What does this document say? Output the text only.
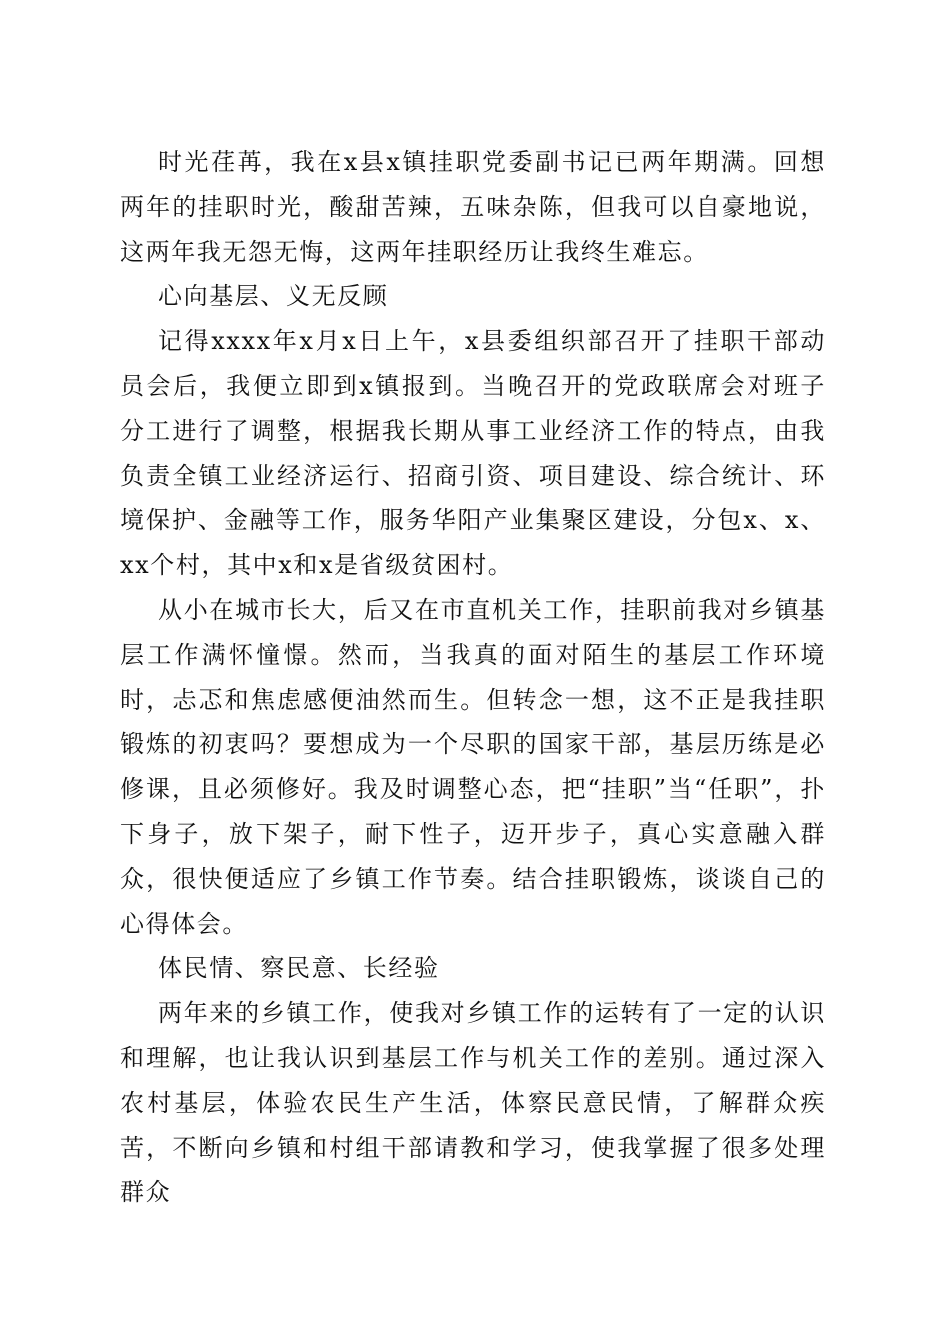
时光荏苒，我在x县x镇挂职党委副书记已两年期满。回想两年的挂职时光，酸甜苦辣，五味杂陈，但我可以自豪地说，这两年我无怨无悔，这两年挂职经历让我终生难忘。

心向基层、义无反顾

记得xxxx年x月x日上午，x县委组织部召开了挂职干部动员会后，我便立即到x镇报到。当晚召开的党政联席会对班子分工进行了调整，根据我长期从事工业经济工作的特点，由我负责全镇工业经济运行、招商引资、项目建设、综合统计、环境保护、金融等工作，服务华阳产业集聚区建设，分包x、x、xx个村，其中x和x是省级贫困村。

从小在城市长大，后又在市直机关工作，挂职前我对乡镇基层工作满怀憧憬。然而，当我真的面对陌生的基层工作环境时，忐忑和焦虑感便油然而生。但转念一想，这不正是我挂职锻炼的初衷吗？要想成为一个尽职的国家干部，基层历练是必修课，且必须修好。我及时调整心态，把“挂职”当“任职”，扑下身子，放下架子，耐下性子，迈开步子，真心实意融入群众，很快便适应了乡镇工作节奏。结合挂职锻炼，谈谈自己的心得体会。

体民情、察民意、长经验

两年来的乡镇工作，使我对乡镇工作的运转有了一定的认识和理解，也让我认识到基层工作与机关工作的差别。通过深入农村基层，体验农民生产生活，体察民意民情，了解群众疾苦，不断向乡镇和村组干部请教和学习，使我掌握了很多处理群众
